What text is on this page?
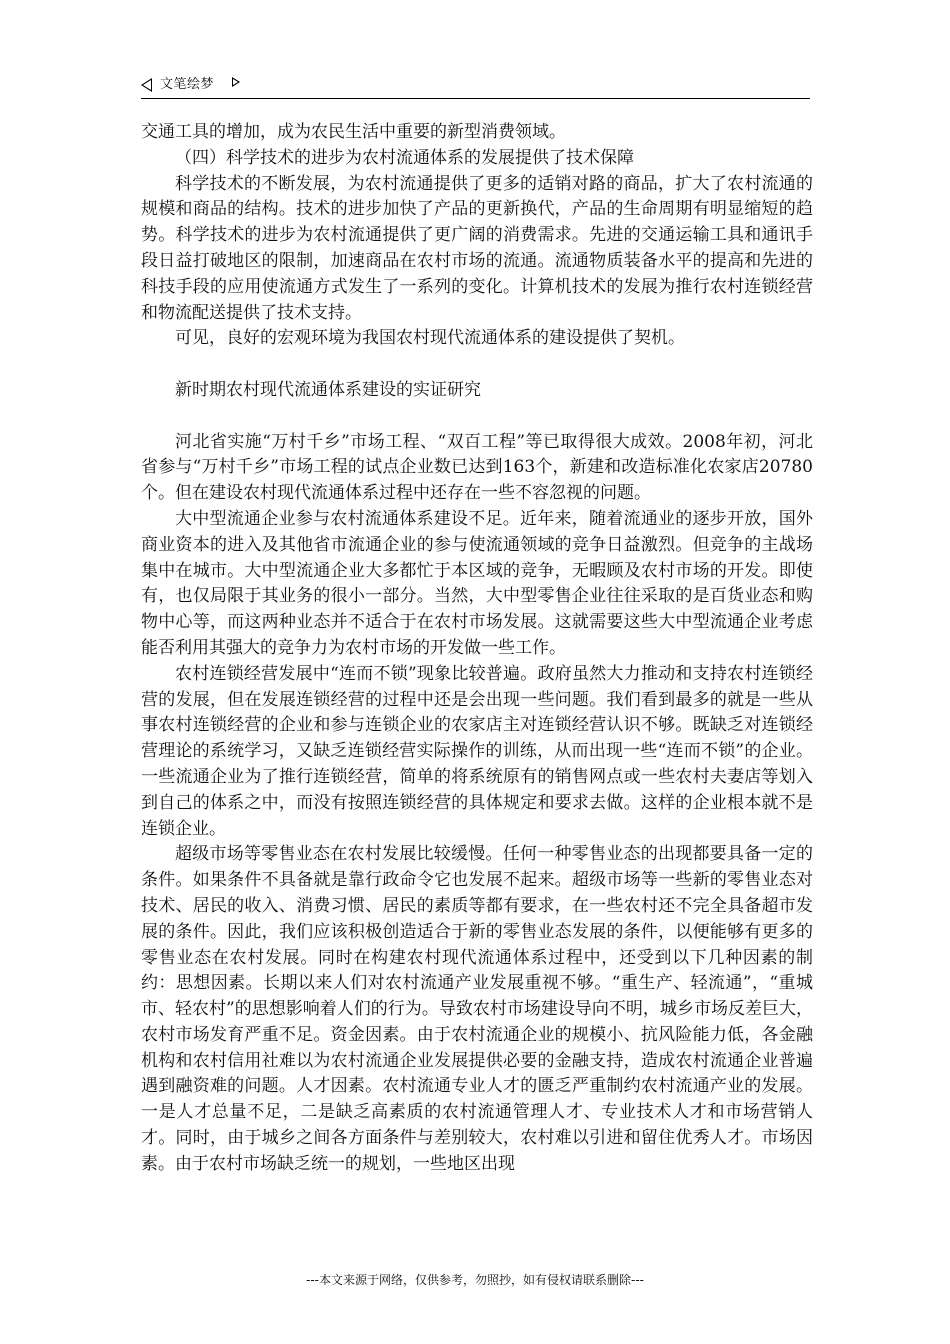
文笔绘梦

交通工具的增加，成为农民生活中重要的新型消费领域。

（四）科学技术的进步为农村流通体系的发展提供了技术保障

科学技术的不断发展，为农村流通提供了更多的适销对路的商品，扩大了农村流通的规模和商品的结构。技术的进步加快了产品的更新换代，产品的生命周期有明显缩短的趋势。科学技术的进步为农村流通提供了更广阔的消费需求。先进的交通运输工具和通讯手段日益打破地区的限制，加速商品在农村市场的流通。流通物质装备水平的提高和先进的科技手段的应用使流通方式发生了一系列的变化。计算机技术的发展为推行农村连锁经营和物流配送提供了技术支持。

可见，良好的宏观环境为我国农村现代流通体系的建设提供了契机。

新时期农村现代流通体系建设的实证研究

河北省实施“万村千乡”市场工程、“双百工程”等已取得很大成效。2008年初，河北省参与“万村千乡”市场工程的试点企业数已达到163个，新建和改造标准化农家店20780个。但在建设农村现代流通体系过程中还存在一些不容忽视的问题。

大中型流通企业参与农村流通体系建设不足。近年来，随着流通业的逐步开放，国外商业资本的进入及其他省市流通企业的参与使流通领域的竞争日益激烈。但竞争的主战场集中在城市。大中型流通企业大多都忙于本区域的竞争，无暇顾及农村市场的开发。即使有，也仅局限于其业务的很小一部分。当然，大中型零售企业往往采取的是百货业态和购物中心等，而这两种业态并不适合于在农村市场发展。这就需要这些大中型流通企业考虑能否利用其强大的竞争力为农村市场的开发做一些工作。

农村连锁经营发展中“连而不锁”现象比较普遍。政府虽然大力推动和支持农村连锁经营的发展，但在发展连锁经营的过程中还是会出现一些问题。我们看到最多的就是一些从事农村连锁经营的企业和参与连锁企业的农家店主对连锁经营认识不够。既缺乏对连锁经营理论的系统学习，又缺乏连锁经营实际操作的训练，从而出现一些“连而不锁”的企业。一些流通企业为了推行连锁经营，简单的将系统原有的销售网点或一些农村夫妻店等划入到自己的体系之中，而没有按照连锁经营的具体规定和要求去做。这样的企业根本就不是连锁企业。

超级市场等零售业态在农村发展比较缓慢。任何一种零售业态的出现都要具备一定的条件。如果条件不具备就是靠行政命令它也发展不起来。超级市场等一些新的零售业态对技术、居民的收入、消费习惯、居民的素质等都有要求，在一些农村还不完全具备超市发展的条件。因此，我们应该积极创造适合于新的零售业态发展的条件，以便能够有更多的零售业态在农村发展。同时在构建农村现代流通体系过程中，还受到以下几种因素的制约：思想因素。长期以来人们对农村流通产业发展重视不够。“重生产、轻流通”，“重城市、轻农村”的思想影响着人们的行为。导致农村市场建设导向不明，城乡市场反差巨大，农村市场发育严重不足。资金因素。由于农村流通企业的规模小、抗风险能力低，各金融机构和农村信用社难以为农村流通企业发展提供必要的金融支持，造成农村流通企业普遍遇到融资难的问题。人才因素。农村流通专业人才的匮乏严重制约农村流通产业的发展。一是人才总量不足，二是缺乏高素质的农村流通管理人才、专业技术人才和市场营销人才。同时，由于城乡之间各方面条件与差别较大，农村难以引进和留住优秀人才。市场因素。由于农村市场缺乏统一的规划，一些地区出现

---本文来源于网络，仅供参考，勿照抄，如有侵权请联系删除---
